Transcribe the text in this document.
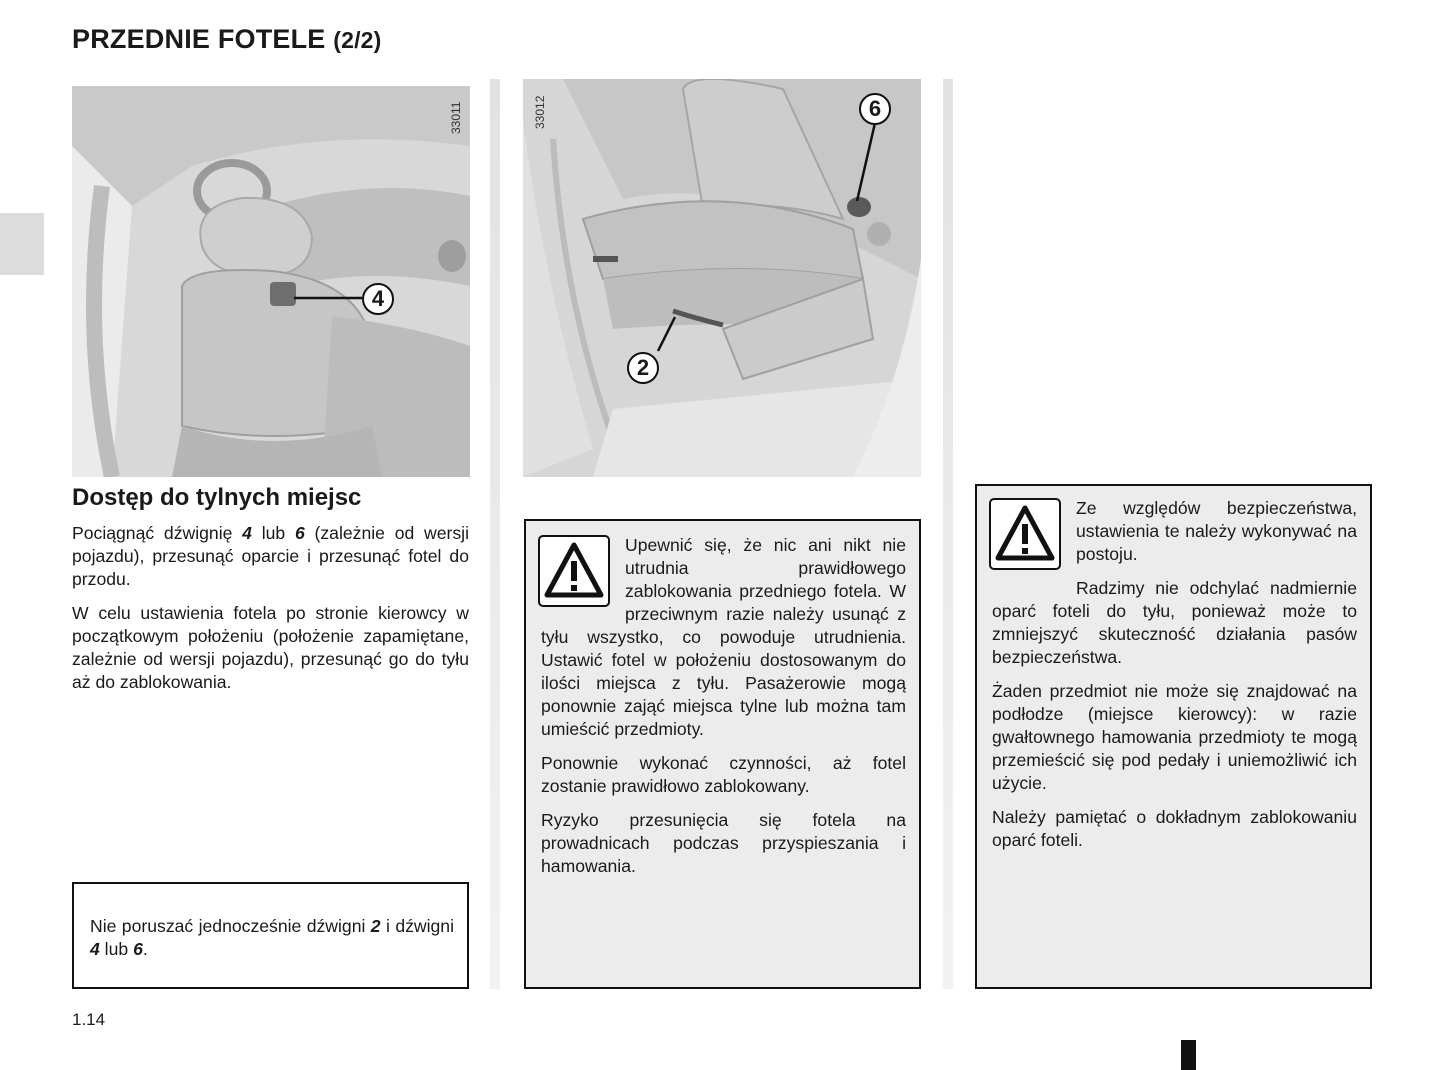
PRZEDNIE FOTELE (2/2)
33011
4
33012	6
2
Dostęp do tylnych miejsc

Pociągnąć dźwignię 4 lub 6 (zależnie od wersji pojazdu), przesunąć oparcie i przesunąć fotel do przodu.

W celu ustawienia fotela po stronie kierowcy w początkowym położeniu (położenie zapamiętane, zależnie od wersji pojazdu), przesunąć go do tyłu aż do zablokowania.

Nie poruszać jednocześnie dźwigni 2 i dźwigni 4 lub 6.

Upewnić się, że nic ani nikt nie utrudnia prawidłowego zablokowania przedniego fotela. W przeciwnym razie należy usunąć z tyłu wszystko, co powoduje utrudnienia. Ustawić fotel w położeniu dostosowanym do ilości miejsca z tyłu. Pasażerowie mogą ponownie zająć miejsca tylne lub można tam umieścić przedmioty.

Ponownie wykonać czynności, aż fotel zostanie prawidłowo zablokowany.

Ryzyko przesunięcia się fotela na prowadnicach podczas przyspieszania i hamowania.

Ze względów bezpieczeństwa, ustawienia te należy wykonywać na postoju.

Radzimy nie odchylać nadmiernie oparć foteli do tyłu, ponieważ może to zmniejszyć skuteczność działania pasów bezpieczeństwa.

Żaden przedmiot nie może się znajdować na podłodze (miejsce kierowcy): w razie gwałtownego hamowania przedmioty te mogą przemieścić się pod pedały i uniemożliwić ich użycie.

Należy pamiętać o dokładnym zablokowaniu oparć foteli.

1.14
